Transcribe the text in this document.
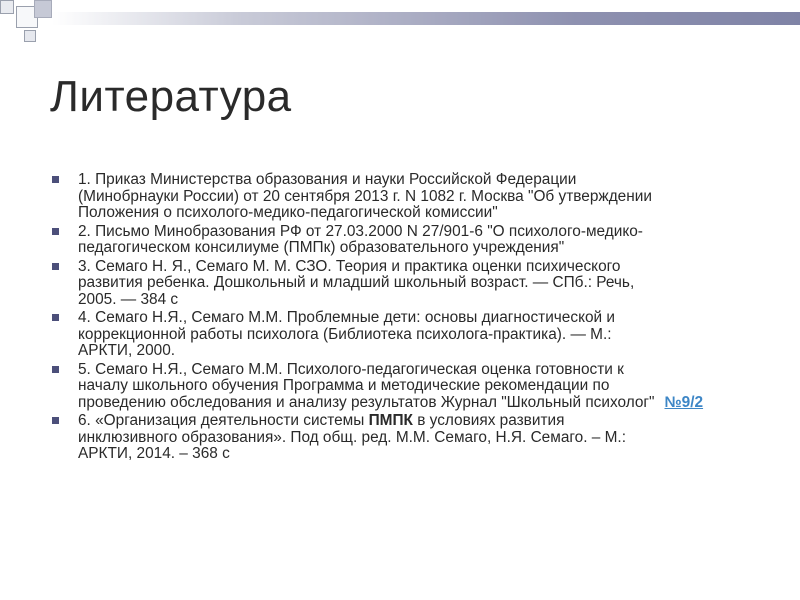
Литература
1. Приказ Министерства образования и науки Российской Федерации
(Минобрнауки России) от 20 сентября 2013 г. N 1082 г. Москва "Об утверждении
Положения о психолого-медико-педагогической комиссии"
2. Письмо Минобразования РФ от 27.03.2000 N 27/901-6 "О психолого-медико-
педагогическом консилиуме (ПМПк) образовательного учреждения"
3. Семаго Н. Я., Семаго М. М. СЗО. Теория и практика оценки психического
развития ребенка. Дошкольный и младший школьный возраст. — СПб.: Речь,
2005. — 384 с
4. Семаго Н.Я., Семаго М.М. Проблемные дети: основы диагностической и
коррекционной работы психолога (Библиотека психолога-практика). — М.:
АРКТИ, 2000.
5. Семаго Н.Я., Семаго М.М. Психолого-педагогическая оценка готовности к
началу школьного обучения Программа и методические рекомендации по
проведению обследования и анализу результатов Журнал "Школьный психолог" №9/2
6. «Организация деятельности системы ПМПК в условиях развития
инклюзивного образования». Под общ. ред. М.М. Семаго, Н.Я. Семаго. – М.:
АРКТИ, 2014. – 368 с
